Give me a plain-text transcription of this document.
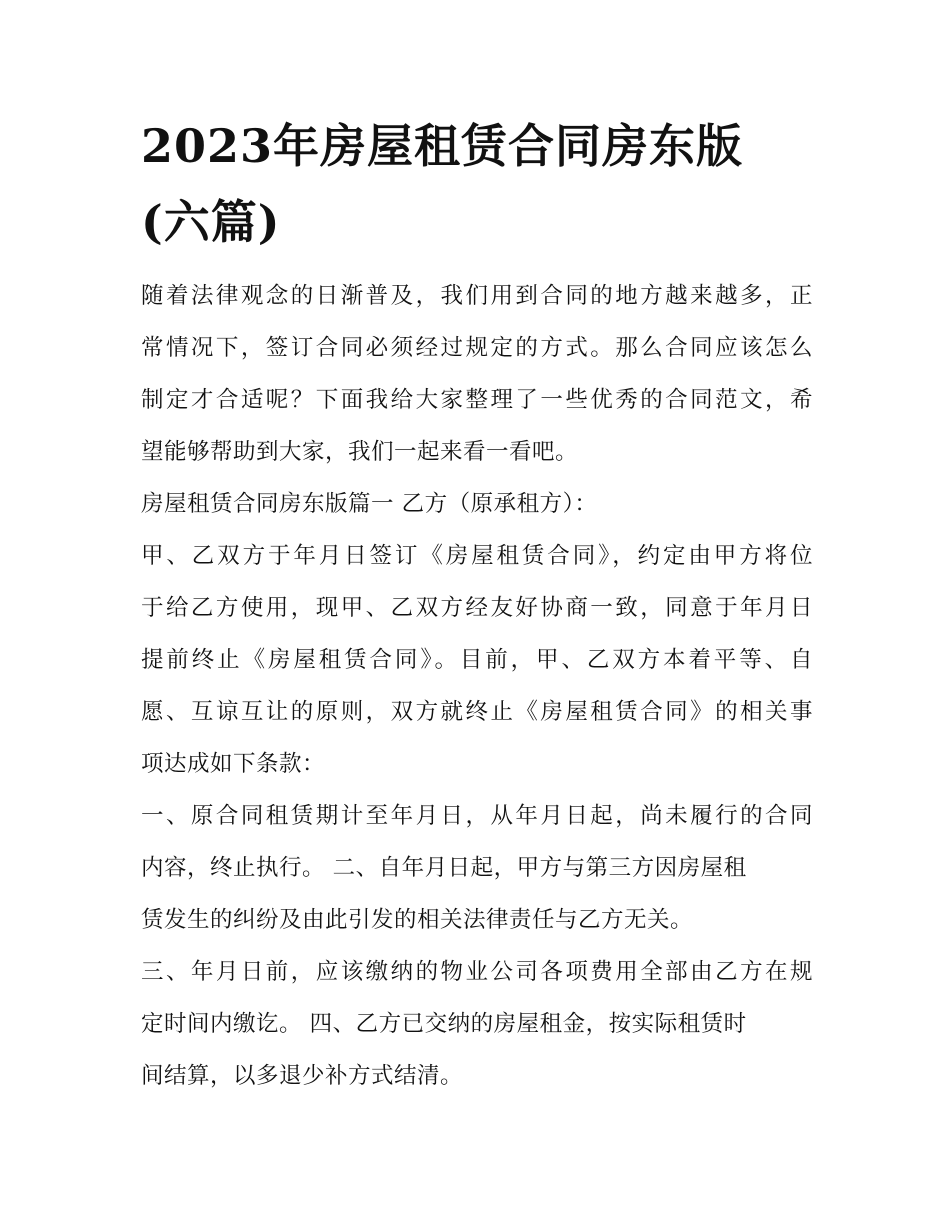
2023年房屋租赁合同房东版
(六篇)

随着法律观念的日渐普及，我们用到合同的地方越来越多，正
常情况下，签订合同必须经过规定的方式。那么合同应该怎么
制定才合适呢？下面我给大家整理了一些优秀的合同范文，希
望能够帮助到大家，我们一起来看一看吧。

房屋租赁合同房东版篇一 乙方（原承租方）：

甲、乙双方于年月日签订《房屋租赁合同》，约定由甲方将位
于给乙方使用，现甲、乙双方经友好协商一致，同意于年月日
提前终止《房屋租赁合同》。目前，甲、乙双方本着平等、自
愿、互谅互让的原则，双方就终止《房屋租赁合同》的相关事
项达成如下条款：

一、原合同租赁期计至年月日，从年月日起，尚未履行的合同
内容，终止执行。 二、自年月日起，甲方与第三方因房屋租
赁发生的纠纷及由此引发的相关法律责任与乙方无关。

三、年月日前，应该缴纳的物业公司各项费用全部由乙方在规
定时间内缴讫。 四、乙方已交纳的房屋租金，按实际租赁时
间结算，以多退少补方式结清。
